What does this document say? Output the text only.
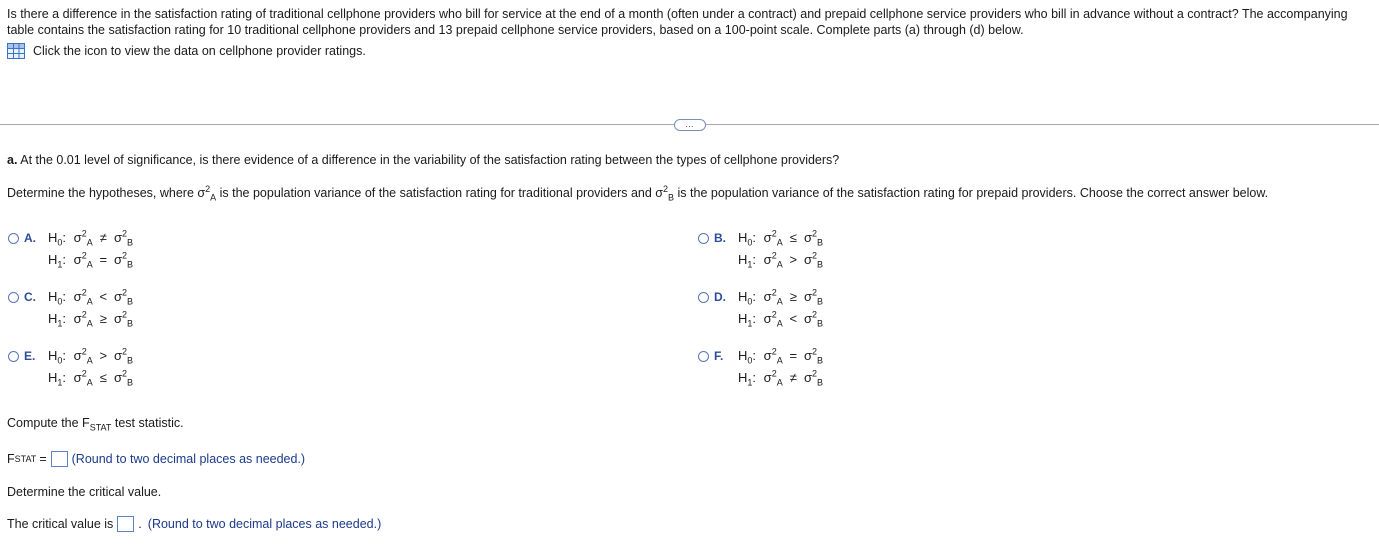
Is there a difference in the satisfaction rating of traditional cellphone providers who bill for service at the end of a month (often under a contract) and prepaid cellphone service providers who bill in advance without a contract? The accompanying table contains the satisfaction rating for 10 traditional cellphone providers and 13 prepaid cellphone service providers, based on a 100-point scale. Complete parts (a) through (d) below.
Click the icon to view the data on cellphone provider ratings.
…
a. At the 0.01 level of significance, is there evidence of a difference in the variability of the satisfaction rating between the types of cellphone providers?
Determine the hypotheses, where $\sigma^2_A$ is the population variance of the satisfaction rating for traditional providers and $\sigma^2_B$ is the population variance of the satisfaction rating for prepaid providers. Choose the correct answer below.
A. $H_0$: $\sigma^2_A \ne \sigma^2_B$
$H_1$: $\sigma^2_A = \sigma^2_B$
B. $H_0$: $\sigma^2_A \le \sigma^2_B$
$H_1$: $\sigma^2_A > \sigma^2_B$
C. $H_0$: $\sigma^2_A < \sigma^2_B$
$H_1$: $\sigma^2_A \ge \sigma^2_B$
D. $H_0$: $\sigma^2_A \ge \sigma^2_B$
$H_1$: $\sigma^2_A < \sigma^2_B$
E. $H_0$: $\sigma^2_A > \sigma^2_B$
$H_1$: $\sigma^2_A \le \sigma^2_B$
F.	$H_0$: $\sigma^2_A = \sigma^2_B$
$H_1$: $\sigma^2_A \ne \sigma^2_B$
Compute the $F_{STAT}$ test statistic.
F STAT = (Round to two decimal places as needed.)
Determine the critical value.
The critical value is . (Round to two decimal places as needed.)
